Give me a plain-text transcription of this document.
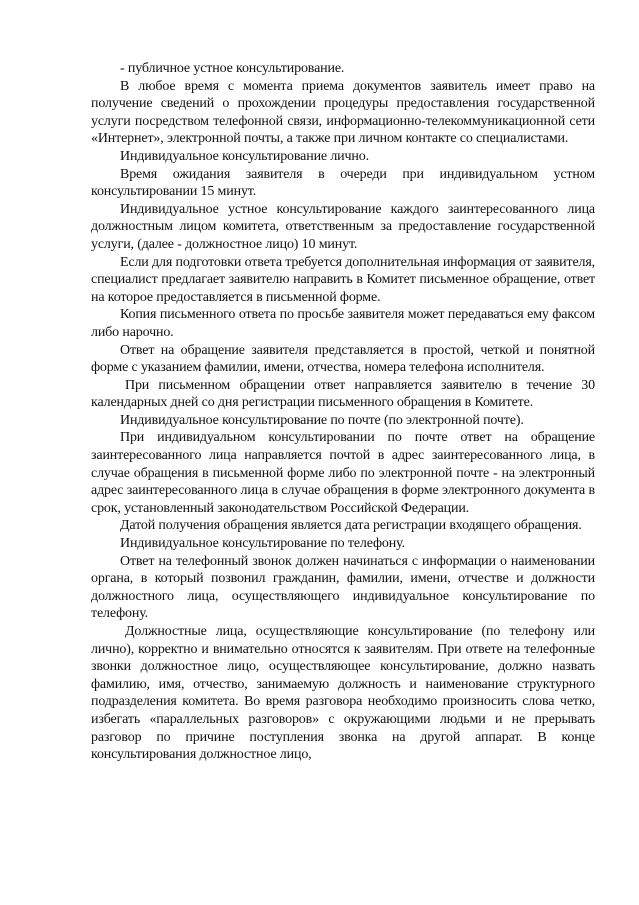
- публичное устное консультирование.

В любое время с момента приема документов заявитель имеет право на получение сведений о прохождении процедуры предоставления государственной услуги посредством телефонной связи, информационно-телекоммуникационной сети «Интернет», электронной почты, а также при личном контакте со специалистами.

Индивидуальное консультирование лично.

Время ожидания заявителя в очереди при индивидуальном устном консультировании 15 минут.

Индивидуальное устное консультирование каждого заинтересованного лица должностным лицом комитета, ответственным за предоставление государственной услуги, (далее - должностное лицо) 10 минут.

Если для подготовки ответа требуется дополнительная информация от заявителя, специалист предлагает заявителю направить в Комитет письменное обращение, ответ на которое предоставляется в письменной форме.

Копия письменного ответа по просьбе заявителя может передаваться ему факсом либо нарочно.

Ответ на обращение заявителя представляется в простой, четкой и понятной форме с указанием фамилии, имени, отчества, номера телефона исполнителя.

При письменном обращении ответ направляется заявителю в течение 30 календарных дней со дня регистрации письменного обращения в Комитете.

Индивидуальное консультирование по почте (по электронной почте).

При индивидуальном консультировании по почте ответ на обращение заинтересованного лица направляется почтой в адрес заинтересованного лица, в случае обращения в письменной форме либо по электронной почте - на электронный адрес заинтересованного лица в случае обращения в форме электронного документа в срок, установленный законодательством Российской Федерации.

Датой получения обращения является дата регистрации входящего обращения.

Индивидуальное консультирование по телефону.

Ответ на телефонный звонок должен начинаться с информации о наименовании органа, в который позвонил гражданин, фамилии, имени, отчестве и должности должностного лица, осуществляющего индивидуальное консультирование по телефону.

Должностные лица, осуществляющие консультирование (по телефону или лично), корректно и внимательно относятся к заявителям. При ответе на телефонные звонки должностное лицо, осуществляющее консультирование, должно назвать фамилию, имя, отчество, занимаемую должность и наименование структурного подразделения комитета. Во время разговора необходимо произносить слова четко, избегать «параллельных разговоров» с окружающими людьми и не прерывать разговор по причине поступления звонка на другой аппарат. В конце консультирования должностное лицо,
